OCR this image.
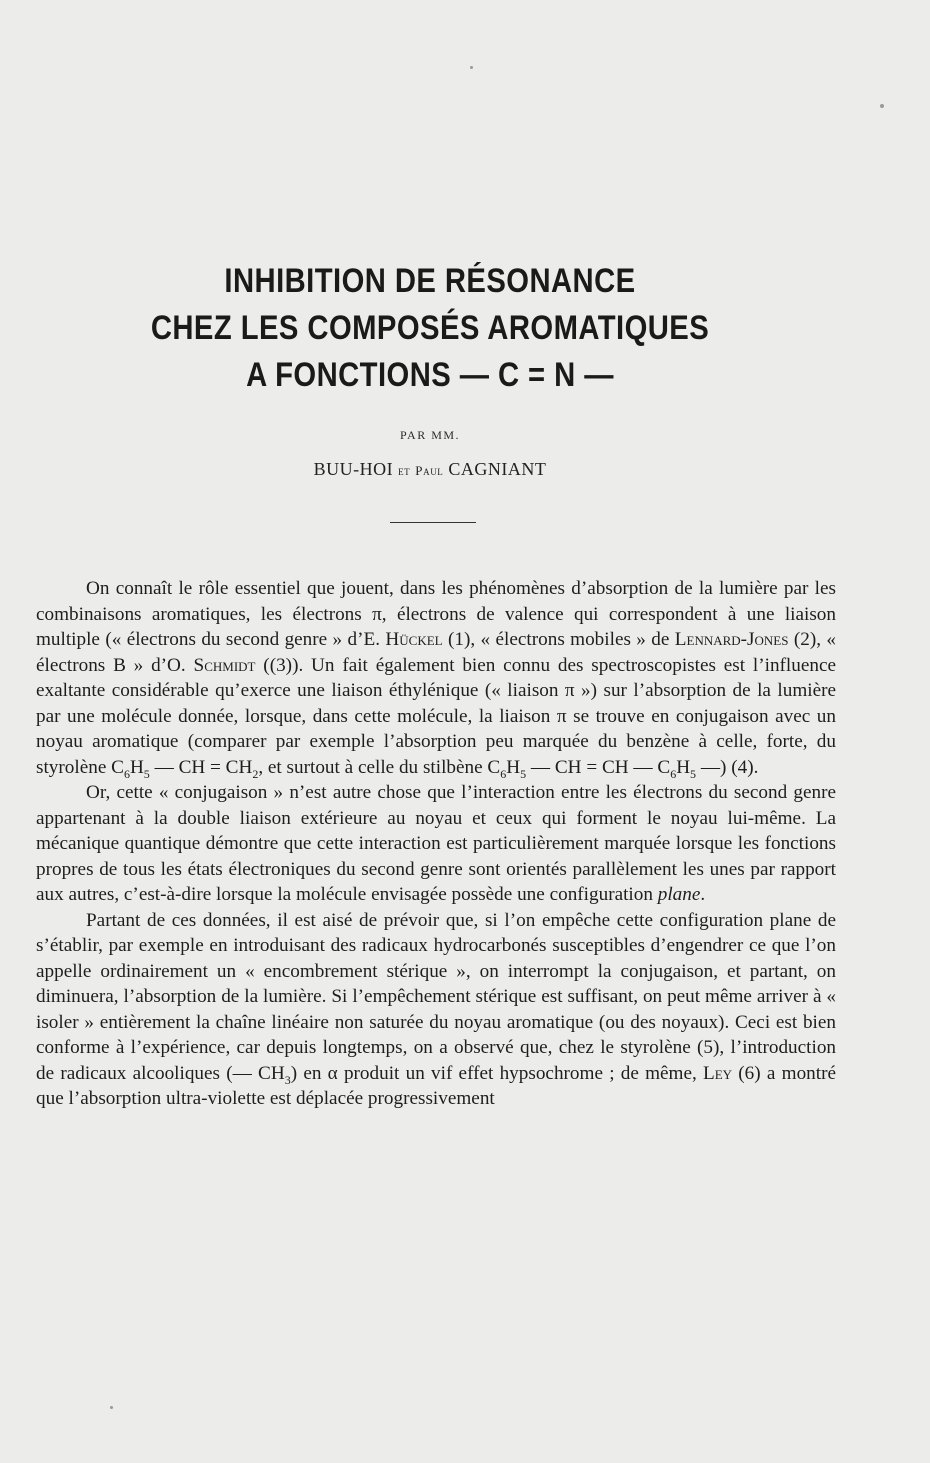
INHIBITION DE RÉSONANCE
CHEZ LES COMPOSÉS AROMATIQUES
A FONCTIONS — C = N —
PAR MM.
BUU-HOI et Paul CAGNIANT

On connaît le rôle essentiel que jouent, dans les phénomènes d’absorption de la lumière par les combinaisons aromatiques, les électrons π, électrons de valence qui correspondent à une liaison multiple (« électrons du second genre » d’E. Hückel (1), « électrons mobiles » de Lennard-Jones (2), « électrons B » d’O. Schmidt ((3)). Un fait également bien connu des spectroscopistes est l’influence exaltante considérable qu’exerce une liaison éthylénique (« liaison π ») sur l’absorption de la lumière par une molécule donnée, lorsque, dans cette molécule, la liaison π se trouve en conjugaison avec un noyau aromatique (comparer par exemple l’absorption peu marquée du benzène à celle, forte, du styrolène $C_6H_5$ — CH = $CH_2$, et surtout à celle du stilbène $C_6H_5$ — CH = CH — $C_6H_5$ —) (4).

Or, cette « conjugaison » n’est autre chose que l’interaction entre les électrons du second genre appartenant à la double liaison extérieure au noyau et ceux qui forment le noyau lui-même. La mécanique quantique démontre que cette interaction est particulièrement marquée lorsque les fonctions propres de tous les états électroniques du second genre sont orientés parallèlement les unes par rapport aux autres, c’est-à-dire lorsque la molécule envisagée possède une configuration plane.

Partant de ces données, il est aisé de prévoir que, si l’on empêche cette configuration plane de s’établir, par exemple en introduisant des radicaux hydrocarbonés susceptibles d’engendrer ce que l’on appelle ordinairement un « encombrement stérique », on interrompt la conjugaison, et partant, on diminuera, l’absorption de la lumière. Si l’empêchement stérique est suffisant, on peut même arriver à « isoler » entièrement la chaîne linéaire non saturée du noyau aromatique (ou des noyaux). Ceci est bien conforme à l’expérience, car depuis longtemps, on a observé que, chez le styrolène (5), l’introduction de radicaux alcooliques (— $CH_3$) en α produit un vif effet hypsochrome ; de même, Ley (6) a montré que l’absorption ultra-violette est déplacée progressivement
